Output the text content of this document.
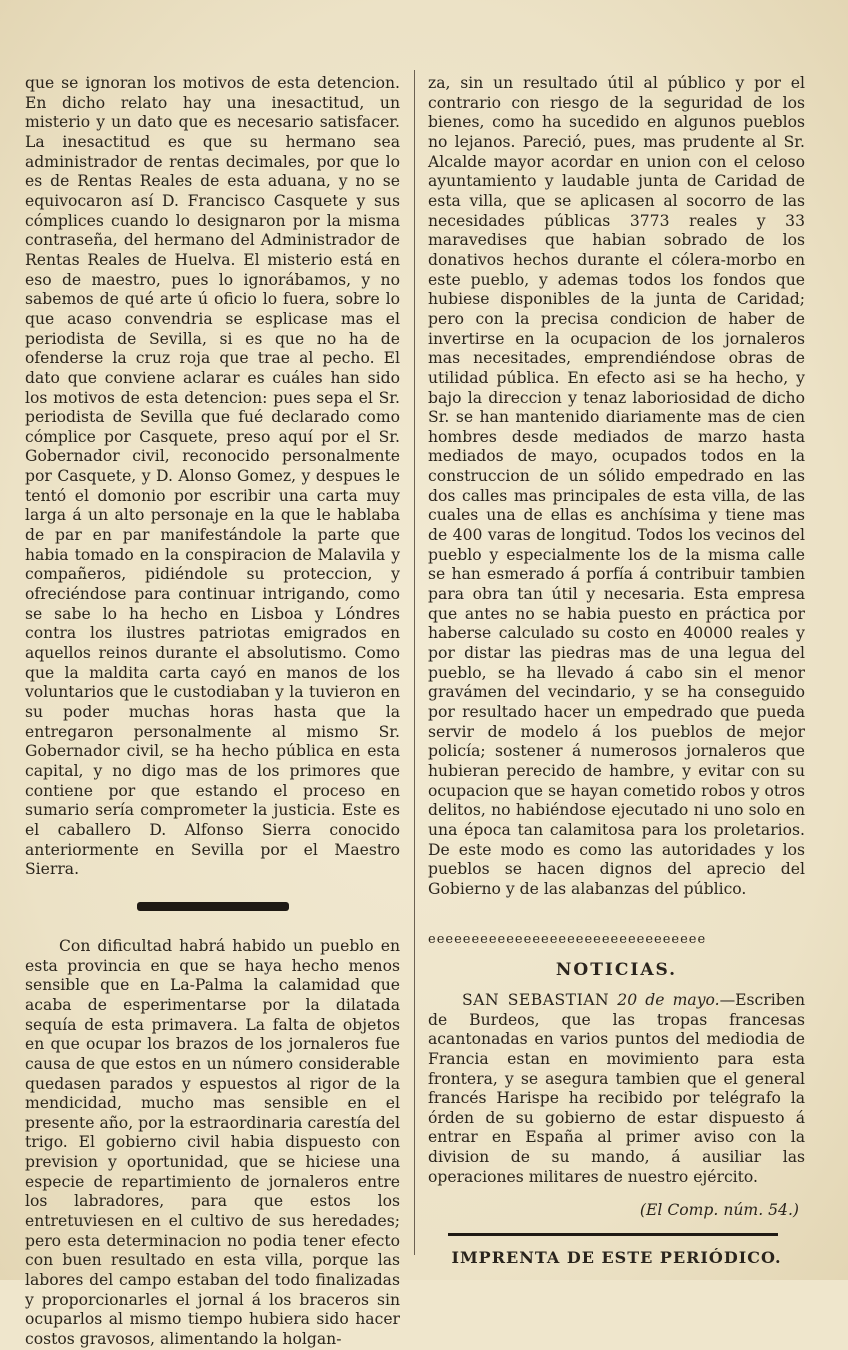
que se ignoran los motivos de esta detencion. En dicho relato hay una inesactitud, un misterio y un dato que es necesario satisfacer. La inesactitud es que su hermano sea administrador de rentas decimales, por que lo es de Rentas Reales de esta aduana, y no se equivocaron así D. Francisco Casquete y sus cómplices cuando lo designaron por la misma contraseña, del hermano del Administrador de Rentas Reales de Huelva. El misterio está en eso de maestro, pues lo ignorábamos, y no sabemos de qué arte ú oficio lo fuera, sobre lo que acaso convendria se esplicase mas el periodista de Sevilla, si es que no ha de ofenderse la cruz roja que trae al pecho. El dato que conviene aclarar es cuáles han sido los motivos de esta detencion: pues sepa el Sr. periodista de Sevilla que fué declarado como cómplice por Casquete, preso aquí por el Sr. Gobernador civil, reconocido personalmente por Casquete, y D. Alonso Gomez, y despues le tentó el domonio por escribir una carta muy larga á un alto personaje en la que le hablaba de par en par manifestándole la parte que habia tomado en la conspiracion de Malavila y compañeros, pidiéndole su proteccion, y ofreciéndose para continuar intrigando, como se sabe lo ha hecho en Lisboa y Lóndres contra los ilustres patriotas emigrados en aquellos reinos durante el absolutismo. Como que la maldita carta cayó en manos de los voluntarios que le custodiaban y la tuvieron en su poder muchas horas hasta que la entregaron personalmente al mismo Sr. Gobernador civil, se ha hecho pública en esta capital, y no digo mas de los primores que contiene por que estando el proceso en sumario sería comprometer la justicia. Este es el caballero D. Alfonso Sierra conocido anteriormente en Sevilla por el Maestro Sierra.

Con dificultad habrá habido un pueblo en esta provincia en que se haya hecho menos sensible que en La-Palma la calamidad que acaba de esperimentarse por la dilatada sequía de esta primavera. La falta de objetos en que ocupar los brazos de los jornaleros fue causa de que estos en un número considerable quedasen parados y espuestos al rigor de la mendicidad, mucho mas sensible en el presente año, por la estraordinaria carestía del trigo. El gobierno civil habia dispuesto con prevision y oportunidad, que se hiciese una especie de repartimiento de jornaleros entre los labradores, para que estos los entretuviesen en el cultivo de sus heredades; pero esta determinacion no podia tener efecto con buen resultado en esta villa, porque las labores del campo estaban del todo finalizadas y proporcionarles el jornal á los braceros sin ocuparlos al mismo tiempo hubiera sido hacer costos gravosos, alimentando la holgan-

za, sin un resultado útil al público y por el contrario con riesgo de la seguridad de los bienes, como ha sucedido en algunos pueblos no lejanos. Pareció, pues, mas prudente al Sr. Alcalde mayor acordar en union con el celoso ayuntamiento y laudable junta de Caridad de esta villa, que se aplicasen al socorro de las necesidades públicas 3773 reales y 33 maravedises que habian sobrado de los donativos hechos durante el cólera-morbo en este pueblo, y ademas todos los fondos que hubiese disponibles de la junta de Caridad; pero con la precisa condicion de haber de invertirse en la ocupacion de los jornaleros mas necesitades, emprendiéndose obras de utilidad pública. En efecto asi se ha hecho, y bajo la direccion y tenaz laboriosidad de dicho Sr. se han mantenido diariamente mas de cien hombres desde mediados de marzo hasta mediados de mayo, ocupados todos en la construccion de un sólido empedrado en las dos calles mas principales de esta villa, de las cuales una de ellas es anchísima y tiene mas de 400 varas de longitud. Todos los vecinos del pueblo y especialmente los de la misma calle se han esmerado á porfía á contribuir tambien para obra tan útil y necesaria. Esta empresa que antes no se habia puesto en práctica por haberse calculado su costo en 40000 reales y por distar las piedras mas de una legua del pueblo, se ha llevado á cabo sin el menor gravámen del vecindario, y se ha conseguido por resultado hacer un empedrado que pueda servir de modelo á los pueblos de mejor policía; sostener á numerosos jornaleros que hubieran perecido de hambre, y evitar con su ocupacion que se hayan cometido robos y otros delitos, no habiéndose ejecutado ni uno solo en una época tan calamitosa para los proletarios. De este modo es como las autoridades y los pueblos se hacen dignos del aprecio del Gobierno y de las alabanzas del público.

eeeeeeeeeeeeeeeeeeeeeeeeeeeeeeee
NOTICIAS.

SAN SEBASTIAN 20 de mayo.—Escriben de Burdeos, que las tropas francesas acantonadas en varios puntos del mediodia de Francia estan en movimiento para esta frontera, y se asegura tambien que el general francés Harispe ha recibido por telégrafo la órden de su gobierno de estar dispuesto á entrar en España al primer aviso con la division de su mando, á ausiliar las operaciones militares de nuestro ejército.

(El Comp. núm. 54.)
IMPRENTA DE ESTE PERIÓDICO.
